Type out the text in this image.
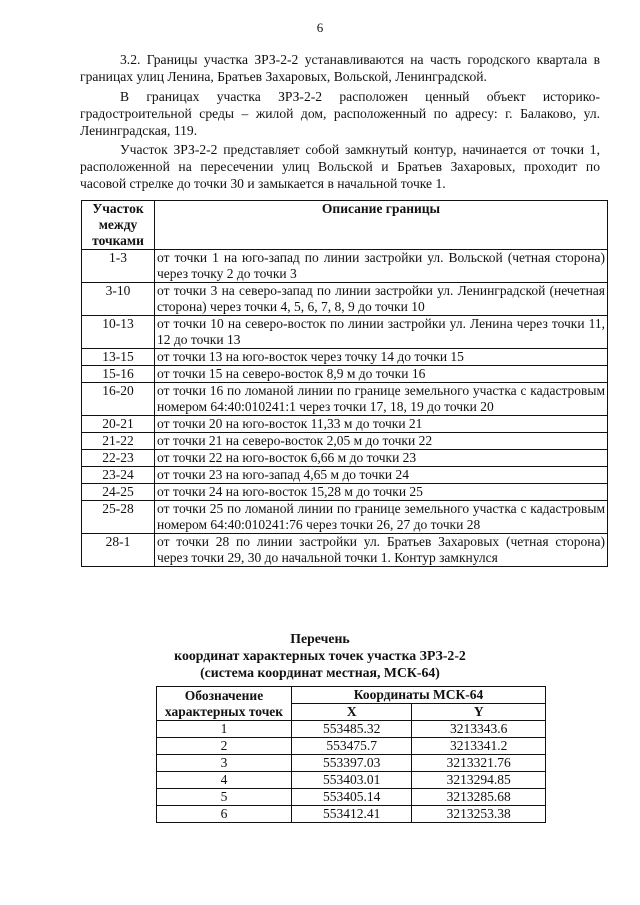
6

3.2. Границы участка ЗРЗ-2-2 устанавливаются на часть городского квартала в границах улиц Ленина, Братьев Захаровых, Вольской, Ленинградской.

В границах участка ЗРЗ-2-2 расположен ценный объект историко-градостроительной среды – жилой дом, расположенный по адресу: г. Балаково, ул. Ленинградская, 119.

Участок ЗРЗ-2-2 представляет собой замкнутый контур, начинается от точки 1, расположенной на пересечении улиц Вольской и Братьев Захаровых, проходит по часовой стрелке до точки 30 и замыкается в начальной точке 1.

Участок между точками	Описание границы
1-3	от точки 1 на юго-запад по линии застройки ул. Вольской (четная сторона) через точку 2 до точки 3
3-10	от точки 3 на северо-запад по линии застройки ул. Ленинградской (нечетная сторона) через точки 4, 5, 6, 7, 8, 9 до точки 10
10-13	от точки 10 на северо-восток по линии застройки ул. Ленина через точки 11, 12 до точки 13
13-15	от точки 13 на юго-восток через точку 14 до точки 15
15-16	от точки 15 на северо-восток 8,9 м до точки 16
16-20	от точки 16 по ломаной линии по границе земельного участка с кадастровым номером 64:40:010241:1 через точки 17, 18, 19 до точки 20
20-21	от точки 20 на юго-восток 11,33 м до точки 21
21-22	от точки 21 на северо-восток 2,05 м до точки 22
22-23	от точки 22 на юго-восток 6,66 м до точки 23
23-24	от точки 23 на юго-запад 4,65 м до точки 24
24-25	от точки 24 на юго-восток 15,28 м до точки 25
25-28	от точки 25 по ломаной линии по границе земельного участка с кадастровым номером 64:40:010241:76 через точки 26, 27 до точки 28
28-1	от точки 28 по линии застройки ул. Братьев Захаровых (четная сторона) через точки 29, 30 до начальной точки 1. Контур замкнулся
Перечень
координат характерных точек участка ЗРЗ-2-2
(система координат местная, МСК-64)
Обозначение характерных точек	Координаты МСК-64	
	X	Y
1	553485.32	3213343.6
2	553475.7	3213341.2
3	553397.03	3213321.76
4	553403.01	3213294.85
5	553405.14	3213285.68
6	553412.41	3213253.38
